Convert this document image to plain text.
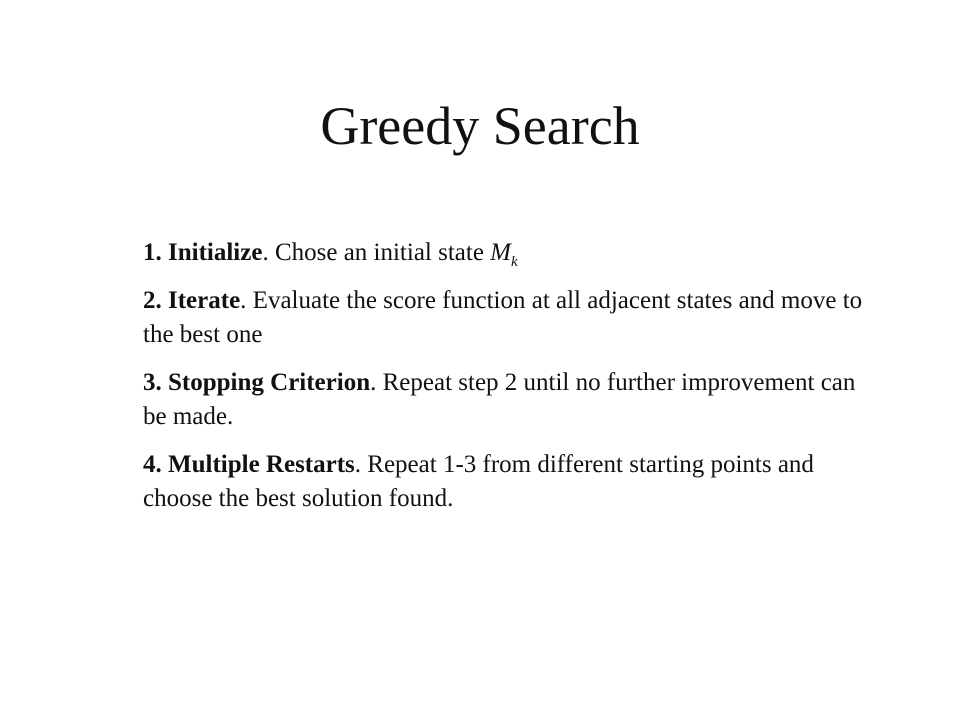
Greedy Search
1. Initialize. Chose an initial state $M_k$
2. Iterate. Evaluate the score function at all adjacent states and move to the best one
3. Stopping Criterion. Repeat step 2 until no further improvement can be made.
4. Multiple Restarts. Repeat 1-3 from different starting points and choose the best solution found.
